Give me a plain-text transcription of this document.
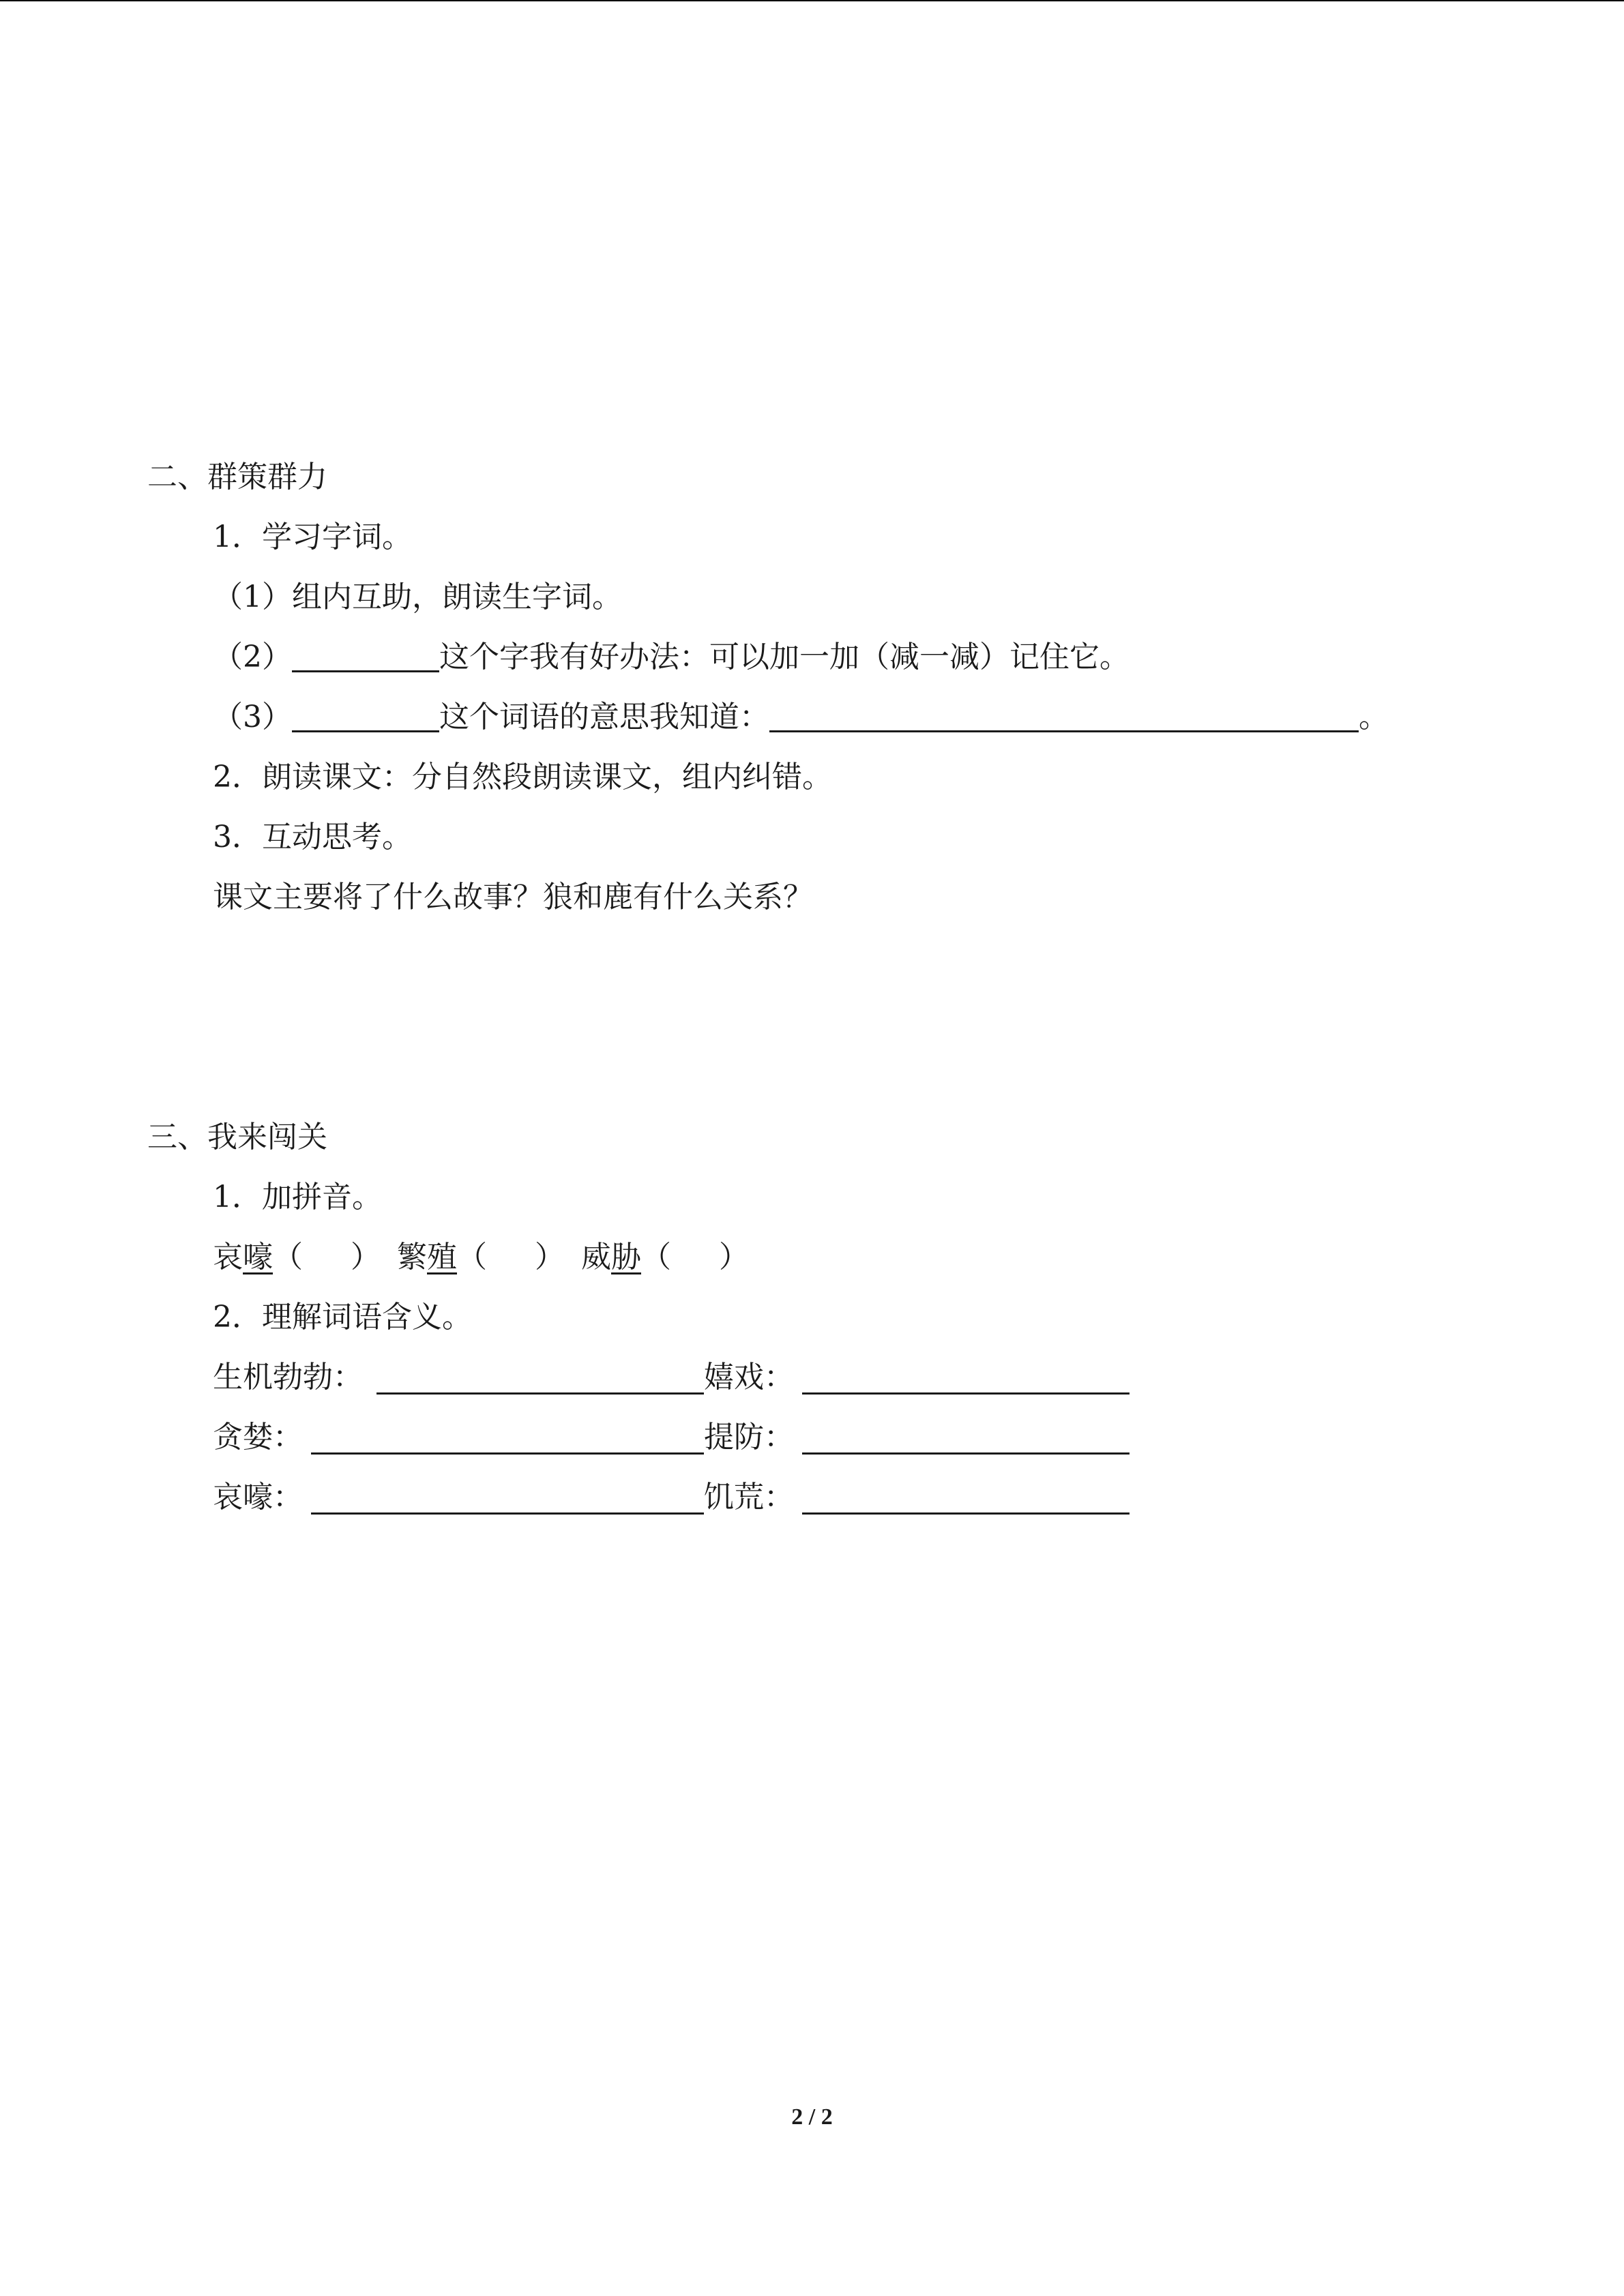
二、群策群力
1．学习字词。
（1）组内互助，朗读生字词。
（2）	这个字我有好办法：可以加一加（减一减）记住它。
（3）	这个词语的意思我知道：	。
2．朗读课文：分自然段朗读课文，组内纠错。
3．互动思考。
课文主要将了什么故事？狼和鹿有什么关系？
三、我来闯关
1．加拼音。
哀嚎（ ） 繁殖（ ） 威胁（ ）
2．理解词语含义。
生机勃勃：	嬉戏：
贪婪：	提防：
哀嚎：	饥荒：
2 / 2
